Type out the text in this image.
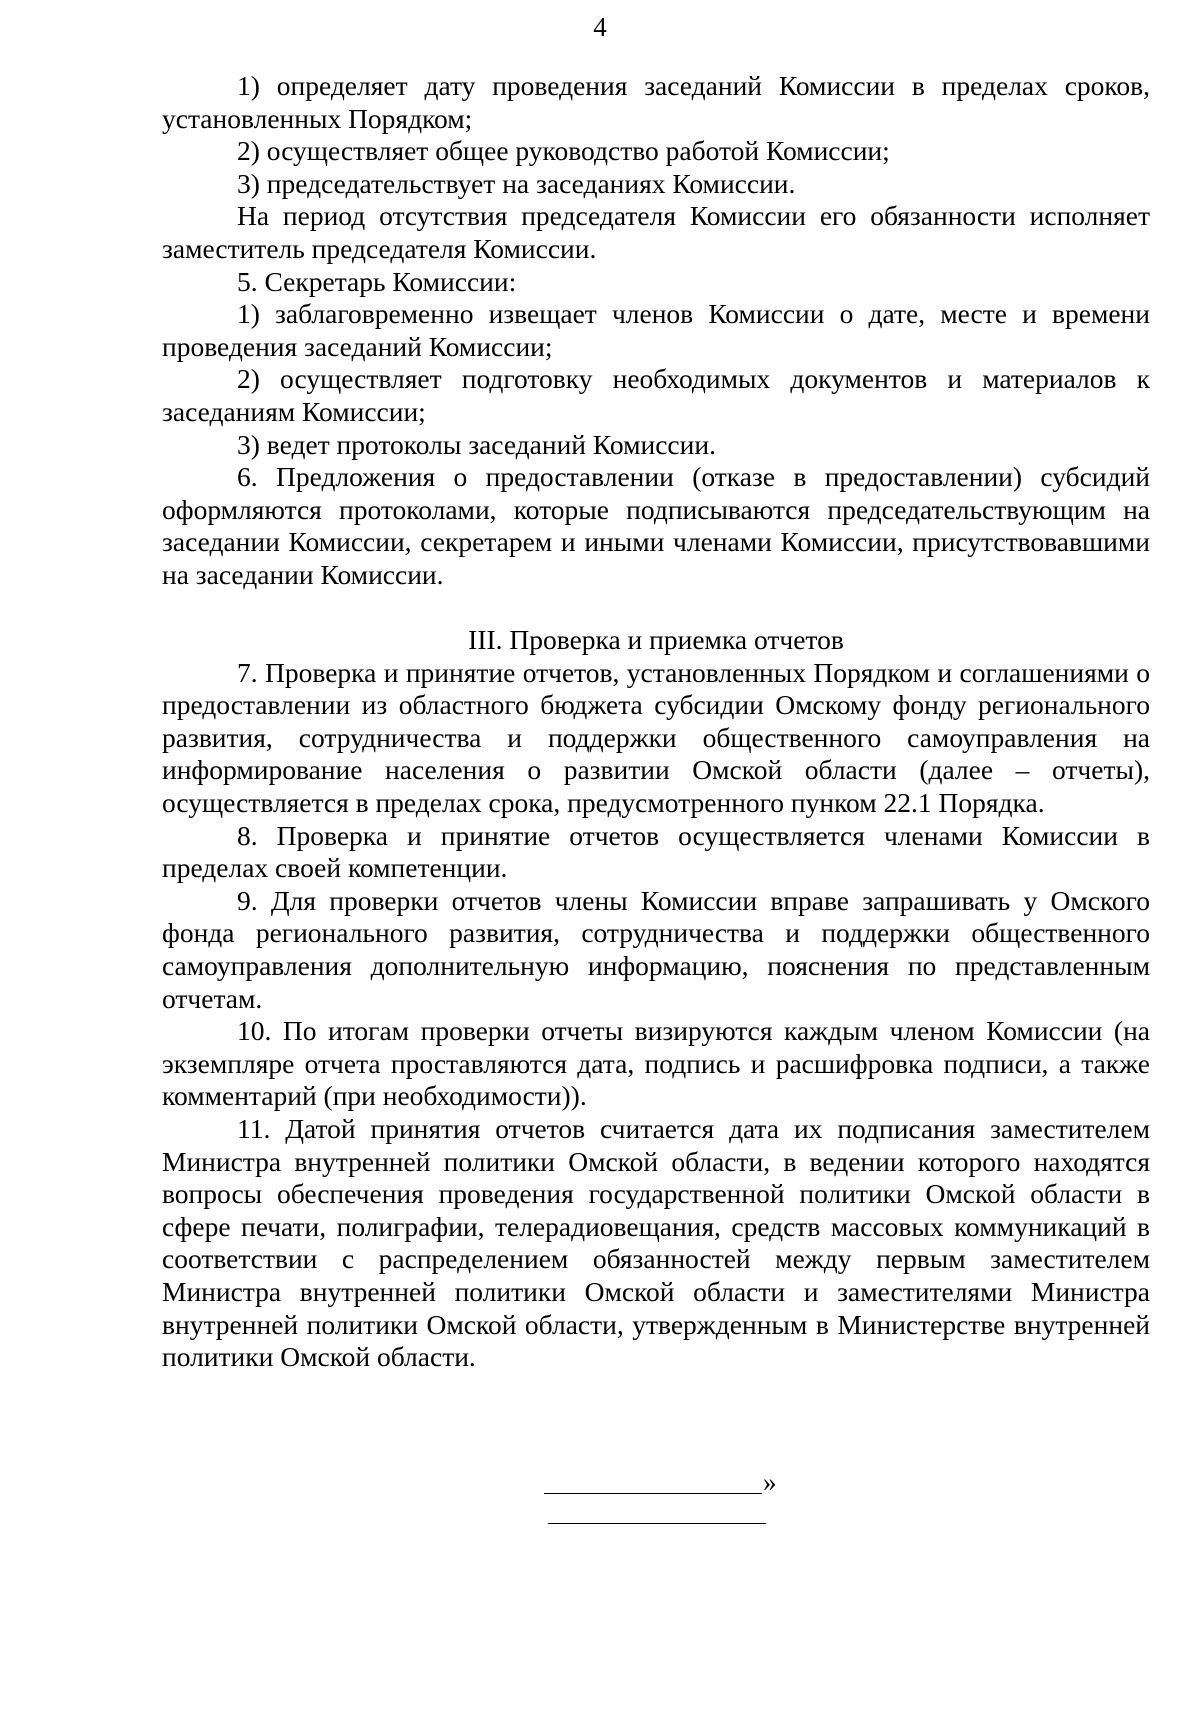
4

1) определяет дату проведения заседаний Комиссии в пределах сроков, установленных Порядком;

2) осуществляет общее руководство работой Комиссии;

3) председательствует на заседаниях Комиссии.

На период отсутствия председателя Комиссии его обязанности исполняет заместитель председателя Комиссии.

5. Секретарь Комиссии:

1) заблаговременно извещает членов Комиссии о дате, месте и времени проведения заседаний Комиссии;

2) осуществляет подготовку необходимых документов и материалов к заседаниям Комиссии;

3) ведет протоколы заседаний Комиссии.

6. Предложения о предоставлении (отказе в предоставлении) субсидий оформляются протоколами, которые подписываются председательствующим на заседании Комиссии, секретарем и иными членами Комиссии, присутствовавшими на заседании Комиссии.

III. Проверка и приемка отчетов

7. Проверка и принятие отчетов, установленных Порядком и соглашениями о предоставлении из областного бюджета субсидии Омскому фонду регионального развития, сотрудничества и поддержки общественного самоуправления на информирование населения о развитии Омской области (далее – отчеты), осуществляется в пределах срока, предусмотренного пунком 22.1 Порядка.

8. Проверка и принятие отчетов осуществляется членами Комиссии в пределах своей компетенции.

9. Для проверки отчетов члены Комиссии вправе запрашивать у Омского фонда регионального развития, сотрудничества и поддержки общественного самоуправления дополнительную информацию, пояснения по представленным отчетам.

10. По итогам проверки отчеты визируются каждым членом Комиссии (на экземпляре отчета проставляются дата, подпись и расшифровка подписи, а также комментарий (при необходимости)).

11. Датой принятия отчетов считается дата их подписания заместителем Министра внутренней политики Омской области, в ведении которого находятся вопросы обеспечения проведения государственной политики Омской области в сфере печати, полиграфии, телерадиовещания, средств массовых коммуникаций в соответствии с распределением обязанностей между первым заместителем Министра внутренней политики Омской области и заместителями Министра внутренней политики Омской области, утвержденным в Министерстве внутренней политики Омской области.

»
